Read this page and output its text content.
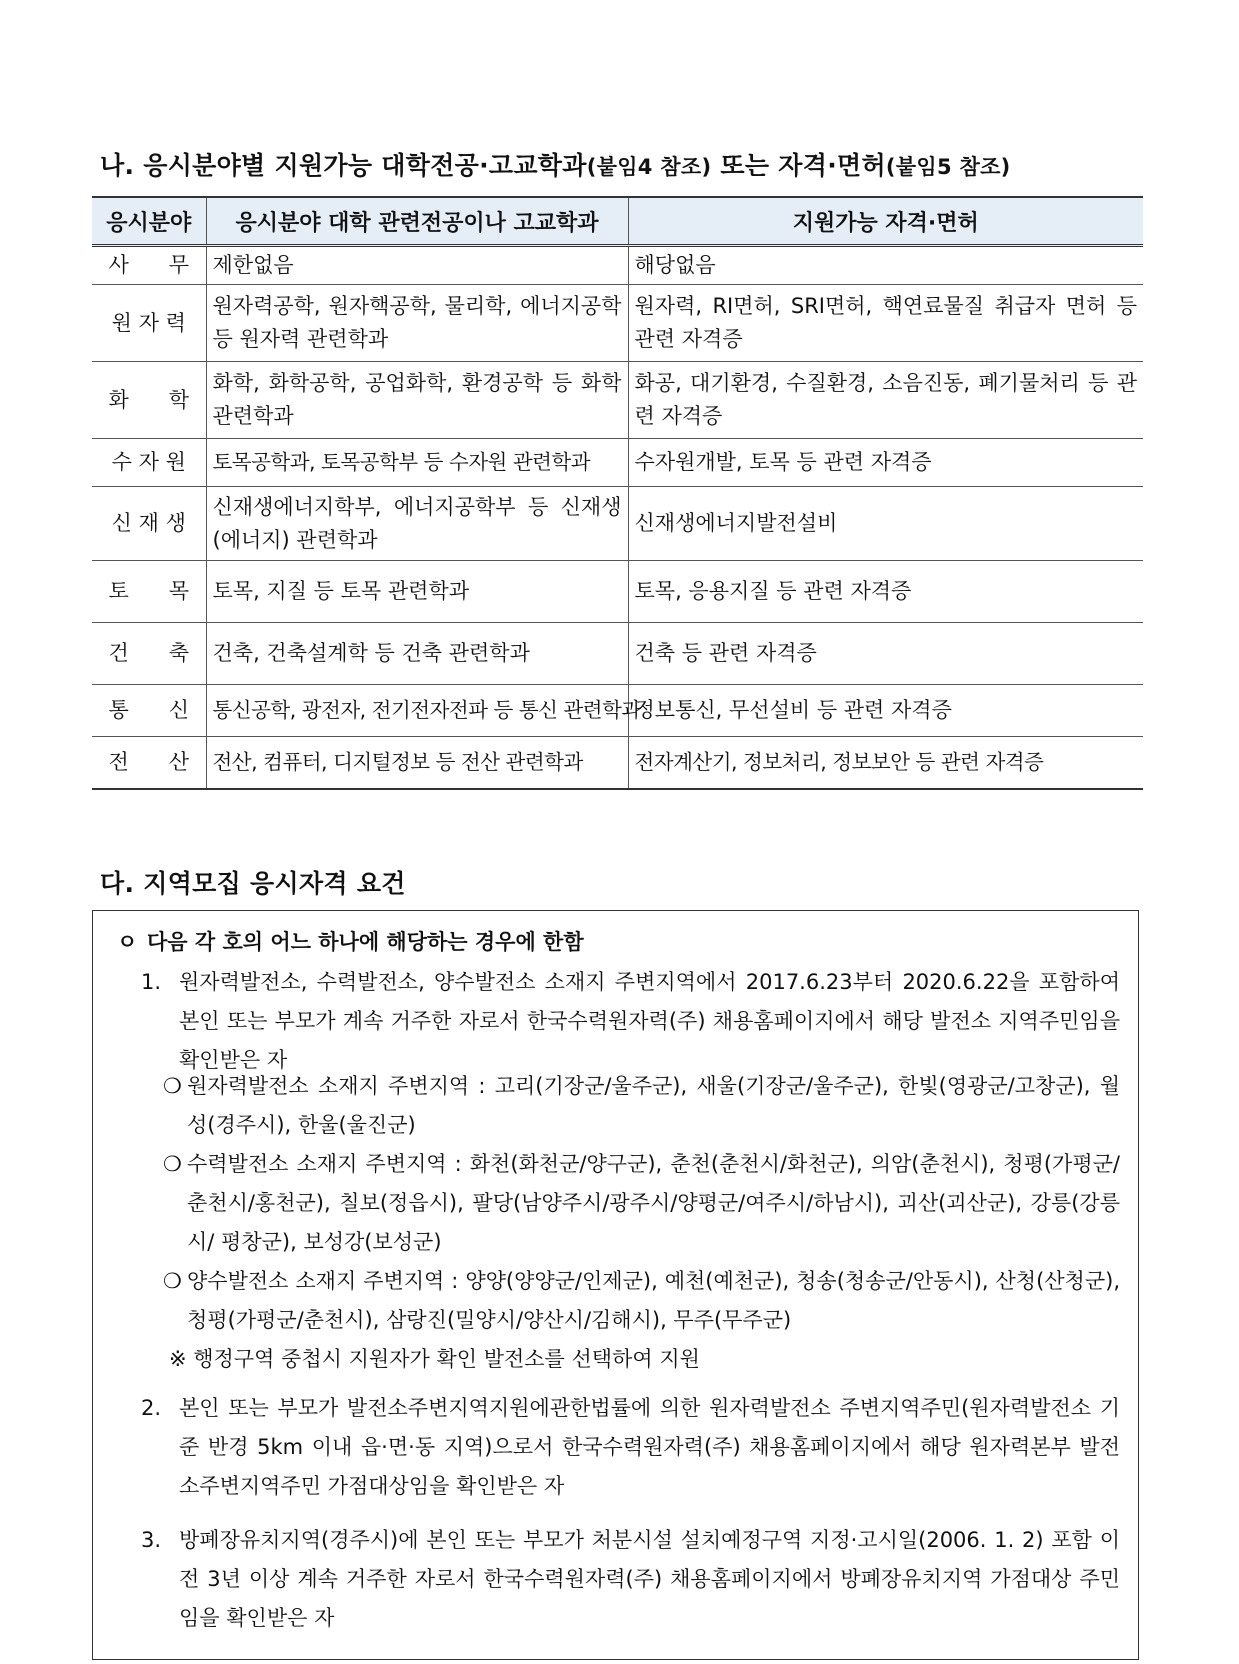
나. 응시분야별 지원가능 대학전공·고교학과(붙임4 참조) 또는 자격·면허(붙임5 참조)
응시분야	응시분야 대학 관련전공이나 고교학과	지원가능 자격·면허
사      무	제한없음	해당없음
원 자 력	원자력공학, 원자핵공학, 물리학, 에너지공학 등 원자력 관련학과	원자력, RI면허, SRI면허, 핵연료물질 취급자 면허 등 관련 자격증
화      학	화학, 화학공학, 공업화학, 환경공학 등 화학 관련학과	화공, 대기환경, 수질환경, 소음진동, 폐기물처리 등 관련 자격증
수 자 원	토목공학과, 토목공학부 등 수자원 관련학과	수자원개발, 토목 등 관련 자격증
신 재 생	신재생에너지학부, 에너지공학부 등 신재생(에너지) 관련학과	신재생에너지발전설비
토      목	토목, 지질 등 토목 관련학과	토목, 응용지질 등 관련 자격증
건      축	건축, 건축설계학 등 건축 관련학과	건축 등 관련 자격증
통      신	통신공학, 광전자, 전기전자전파 등 통신 관련학과	정보통신, 무선설비 등 관련 자격증
전      산	전산, 컴퓨터, 디지털정보 등 전산 관련학과	전자계산기, 정보처리, 정보보안 등 관련 자격증
다. 지역모집 응시자격 요건
ㅇ 다음 각 호의 어느 하나에 해당하는 경우에 한함
1. 원자력발전소, 수력발전소, 양수발전소 소재지 주변지역에서 2017.6.23부터 2020.6.22을 포함하여 본인 또는 부모가 계속 거주한 자로서 한국수력원자력(주) 채용홈페이지에서 해당 발전소 지역주민임을 확인받은 자
❍ 원자력발전소 소재지 주변지역 : 고리(기장군/울주군), 새울(기장군/울주군), 한빛(영광군/고창군), 월성(경주시), 한울(울진군)
❍ 수력발전소 소재지 주변지역 : 화천(화천군/양구군), 춘천(춘천시/화천군), 의암(춘천시), 청평(가평군/춘천시/홍천군), 칠보(정읍시), 팔당(남양주시/광주시/양평군/여주시/하남시), 괴산(괴산군), 강릉(강릉시/ 평창군), 보성강(보성군)
❍ 양수발전소 소재지 주변지역 : 양양(양양군/인제군), 예천(예천군), 청송(청송군/안동시), 산청(산청군), 청평(가평군/춘천시), 삼랑진(밀양시/양산시/김해시), 무주(무주군)
※ 행정구역 중첩시 지원자가 확인 발전소를 선택하여 지원
2. 본인 또는 부모가 발전소주변지역지원에관한법률에 의한 원자력발전소 주변지역주민(원자력발전소 기준 반경 5km 이내 읍·면·동 지역)으로서 한국수력원자력(주) 채용홈페이지에서 해당 원자력본부 발전소주변지역주민 가점대상임을 확인받은 자
3. 방폐장유치지역(경주시)에 본인 또는 부모가 처분시설 설치예정구역 지정·고시일(2006. 1. 2) 포함 이전 3년 이상 계속 거주한 자로서 한국수력원자력(주) 채용홈페이지에서 방폐장유치지역 가점대상 주민임을 확인받은 자
